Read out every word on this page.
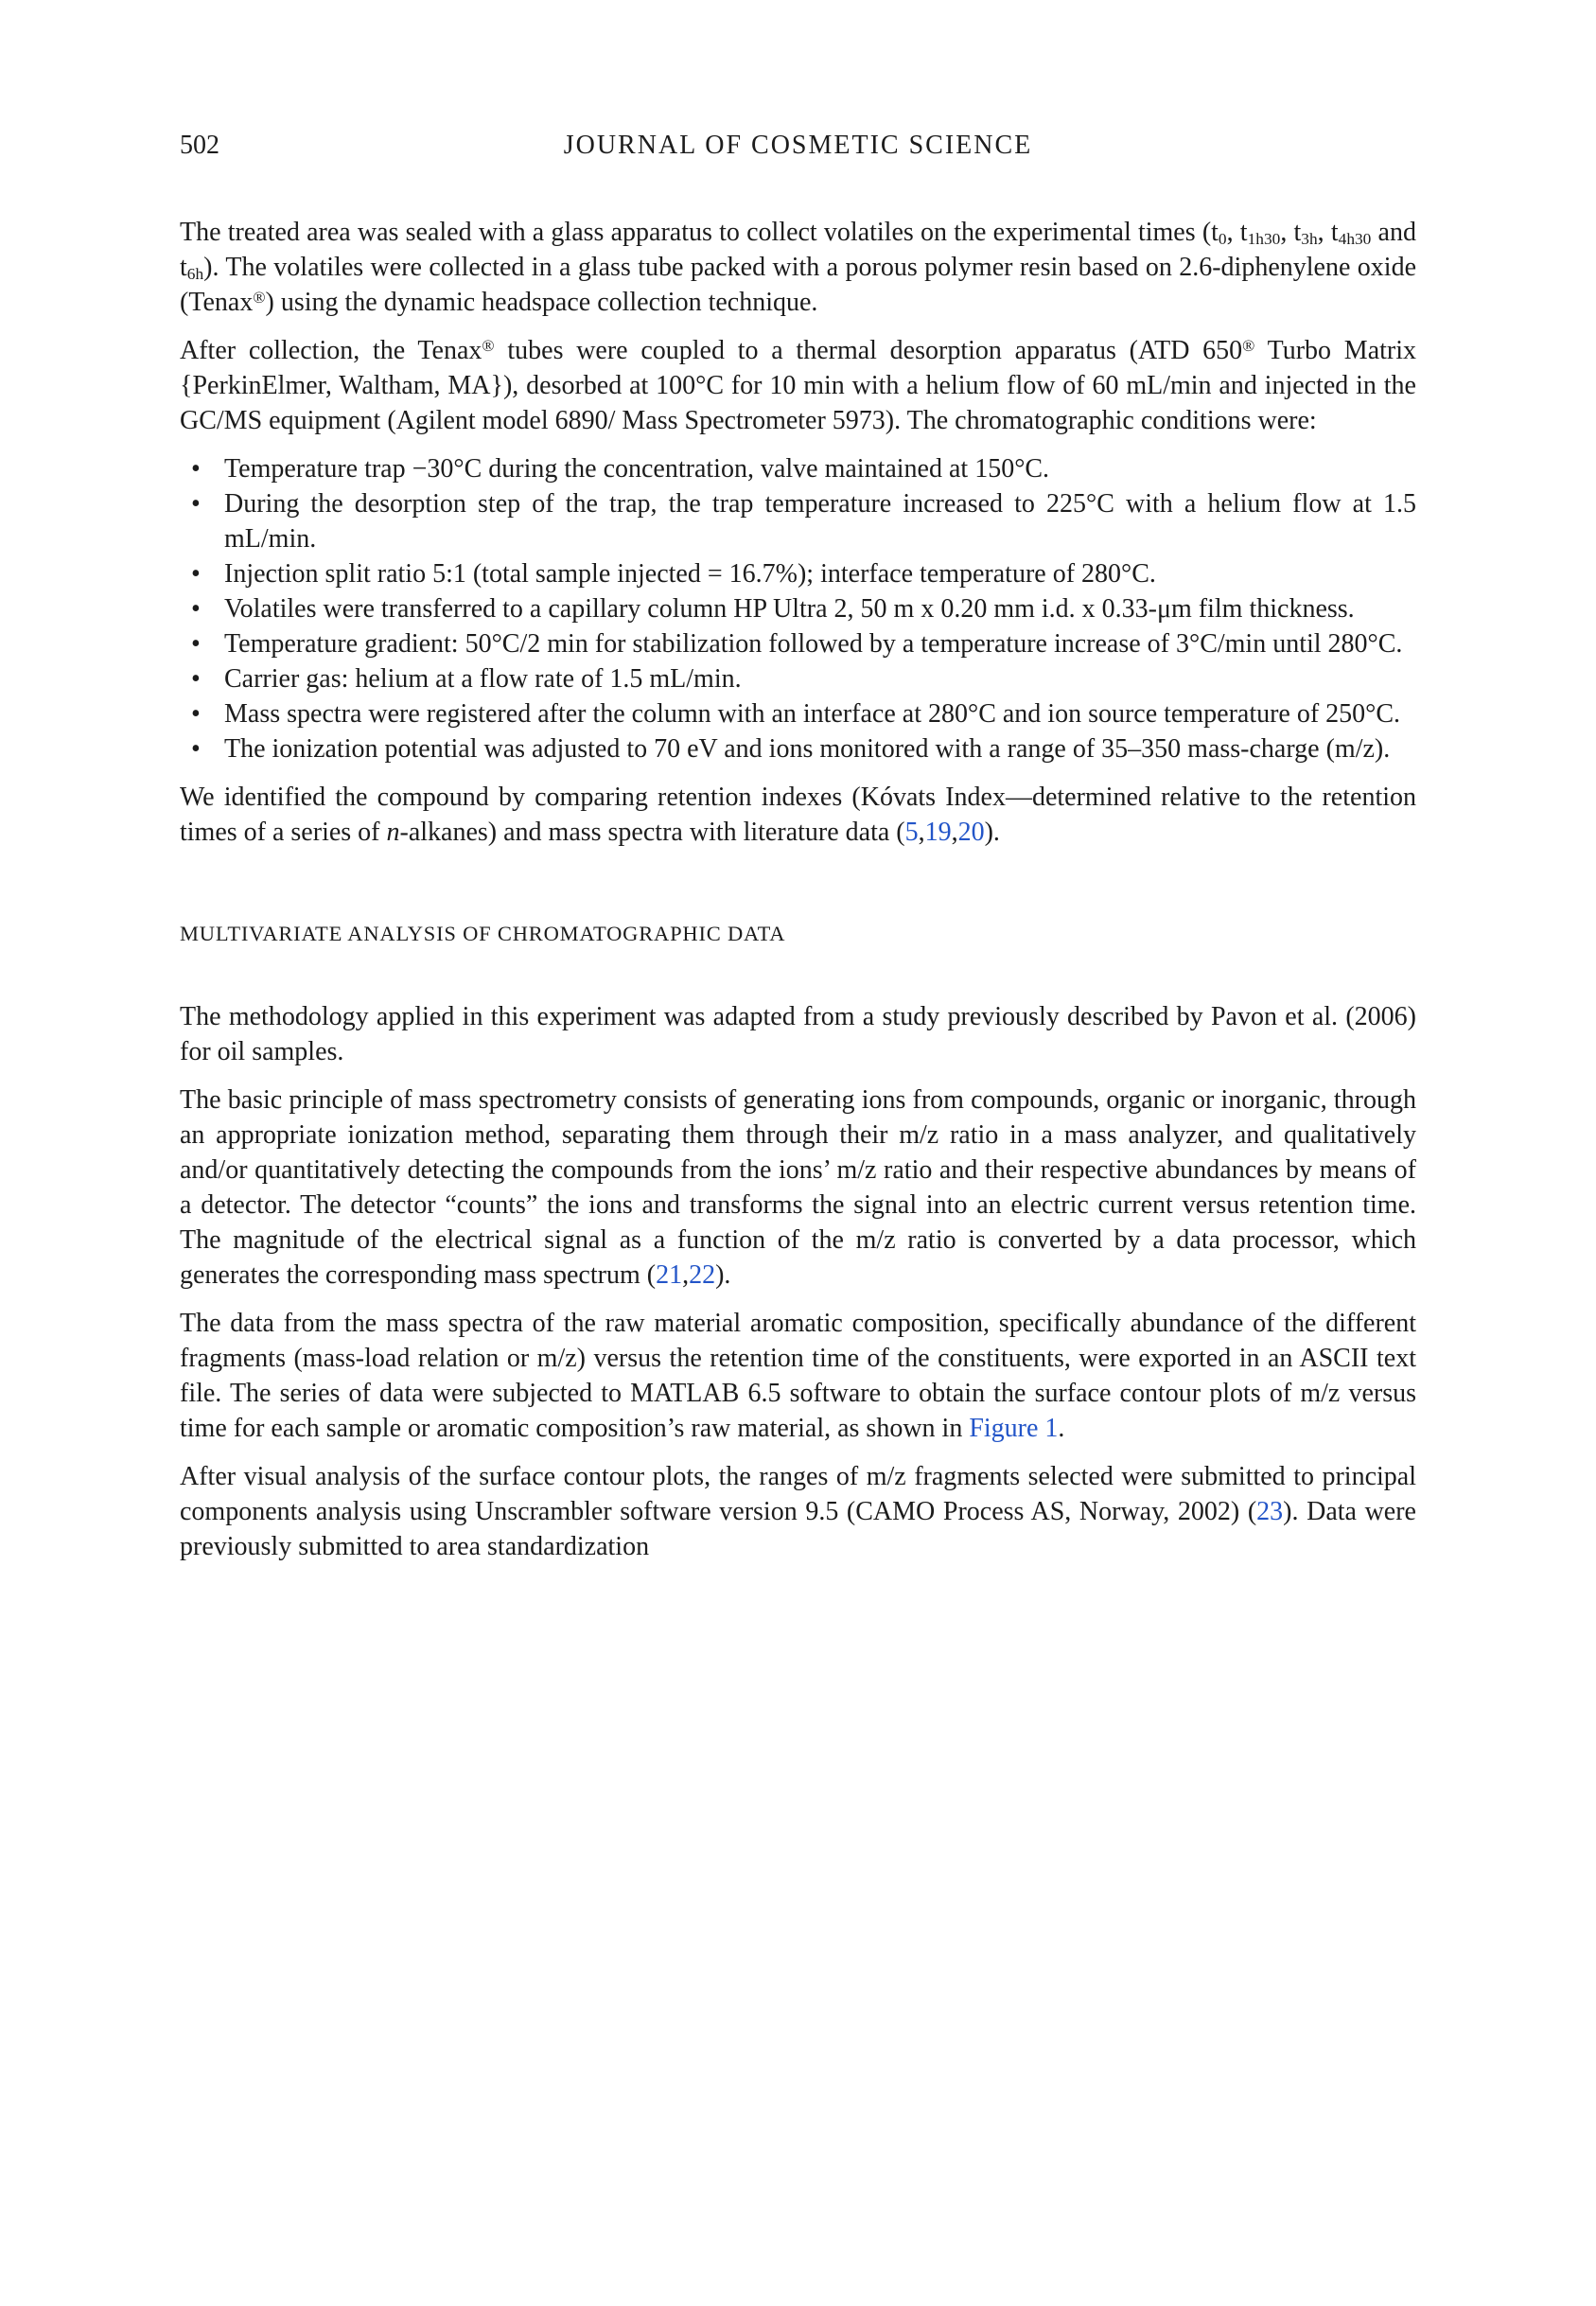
502	JOURNAL OF COSMETIC SCIENCE

The treated area was sealed with a glass apparatus to collect volatiles on the experimental times ($t_0$, $t_{1h30}$, $t_{3h}$, $t_{4h30}$ and $t_{6h}$). The volatiles were collected in a glass tube packed with a porous polymer resin based on 2.6-diphenylene oxide (Tenax®) using the dynamic headspace collection technique.

After collection, the Tenax® tubes were coupled to a thermal desorption apparatus (ATD 650® Turbo Matrix {PerkinElmer, Waltham, MA}), desorbed at 100°C for 10 min with a helium flow of 60 mL/min and injected in the GC/MS equipment (Agilent model 6890/ Mass Spectrometer 5973). The chromatographic conditions were:

• Temperature trap −30°C during the concentration, valve maintained at 150°C.
• During the desorption step of the trap, the trap temperature increased to 225°C with a helium flow at 1.5 mL/min.
• Injection split ratio 5:1 (total sample injected = 16.7%); interface temperature of 280°C.
• Volatiles were transferred to a capillary column HP Ultra 2, 50 m x 0.20 mm i.d. x 0.33-μm film thickness.
• Temperature gradient: 50°C/2 min for stabilization followed by a temperature increase of 3°C/min until 280°C.
• Carrier gas: helium at a flow rate of 1.5 mL/min.
• Mass spectra were registered after the column with an interface at 280°C and ion source temperature of 250°C.
• The ionization potential was adjusted to 70 eV and ions monitored with a range of 35–350 mass-charge (m/z).

We identified the compound by comparing retention indexes (Kóvats Index—determined relative to the retention times of a series of n-alkanes) and mass spectra with literature data (5,19,20).

MULTIVARIATE ANALYSIS OF CHROMATOGRAPHIC DATA

The methodology applied in this experiment was adapted from a study previously described by Pavon et al. (2006) for oil samples.

The basic principle of mass spectrometry consists of generating ions from compounds, organic or inorganic, through an appropriate ionization method, separating them through their m/z ratio in a mass analyzer, and qualitatively and/or quantitatively detecting the compounds from the ions’ m/z ratio and their respective abundances by means of a detector. The detector “counts” the ions and transforms the signal into an electric current versus retention time. The magnitude of the electrical signal as a function of the m/z ratio is converted by a data processor, which generates the corresponding mass spectrum (21,22).

The data from the mass spectra of the raw material aromatic composition, specifically abundance of the different fragments (mass-load relation or m/z) versus the retention time of the constituents, were exported in an ASCII text file. The series of data were subjected to MATLAB 6.5 software to obtain the surface contour plots of m/z versus time for each sample or aromatic composition’s raw material, as shown in Figure 1.

After visual analysis of the surface contour plots, the ranges of m/z fragments selected were submitted to principal components analysis using Unscrambler software version 9.5 (CAMO Process AS, Norway, 2002) (23). Data were previously submitted to area standardization
